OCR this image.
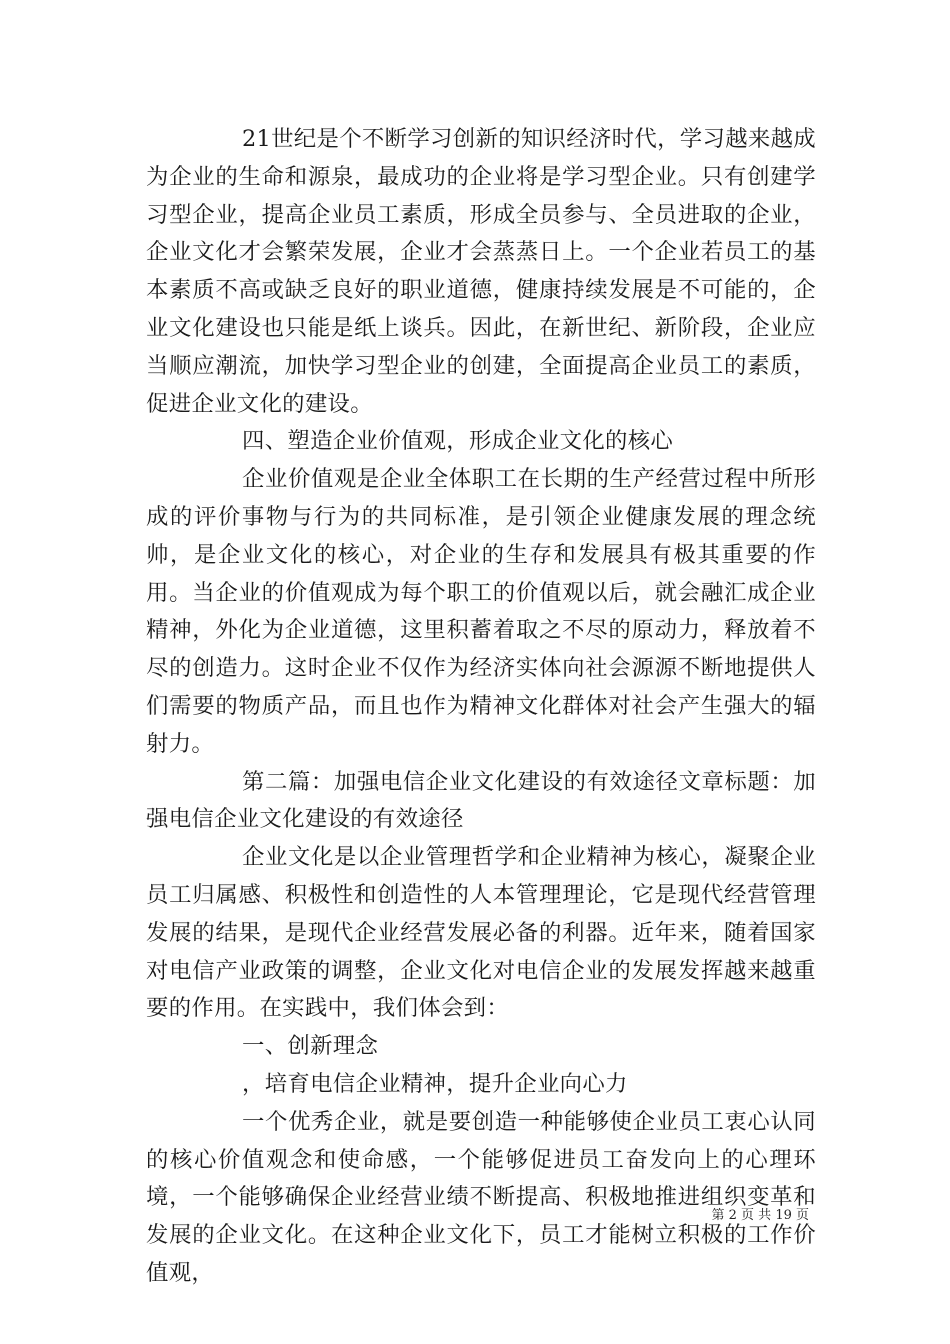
21世纪是个不断学习创新的知识经济时代，学习越来越成为企业的生命和源泉，最成功的企业将是学习型企业。只有创建学习型企业，提高企业员工素质，形成全员参与、全员进取的企业，企业文化才会繁荣发展，企业才会蒸蒸日上。一个企业若员工的基本素质不高或缺乏良好的职业道德，健康持续发展是不可能的，企业文化建设也只能是纸上谈兵。因此，在新世纪、新阶段，企业应当顺应潮流，加快学习型企业的创建，全面提高企业员工的素质，促进企业文化的建设。

四、塑造企业价值观，形成企业文化的核心

企业价值观是企业全体职工在长期的生产经营过程中所形成的评价事物与行为的共同标准，是引领企业健康发展的理念统帅，是企业文化的核心，对企业的生存和发展具有极其重要的作用。当企业的价值观成为每个职工的价值观以后，就会融汇成企业精神，外化为企业道德，这里积蓄着取之不尽的原动力，释放着不尽的创造力。这时企业不仅作为经济实体向社会源源不断地提供人们需要的物质产品，而且也作为精神文化群体对社会产生强大的辐射力。

第二篇：加强电信企业文化建设的有效途径文章标题：加强电信企业文化建设的有效途径

企业文化是以企业管理哲学和企业精神为核心，凝聚企业员工归属感、积极性和创造性的人本管理理论，它是现代经营管理发展的结果，是现代企业经营发展必备的利器。近年来，随着国家对电信产业政策的调整，企业文化对电信企业的发展发挥越来越重要的作用。在实践中，我们体会到：

一、创新理念

，培育电信企业精神，提升企业向心力

一个优秀企业，就是要创造一种能够使企业员工衷心认同的核心价值观念和使命感，一个能够促进员工奋发向上的心理环境，一个能够确保企业经营业绩不断提高、积极地推进组织变革和发展的企业文化。在这种企业文化下，员工才能树立积极的工作价值观，

第 2 页 共 19 页
